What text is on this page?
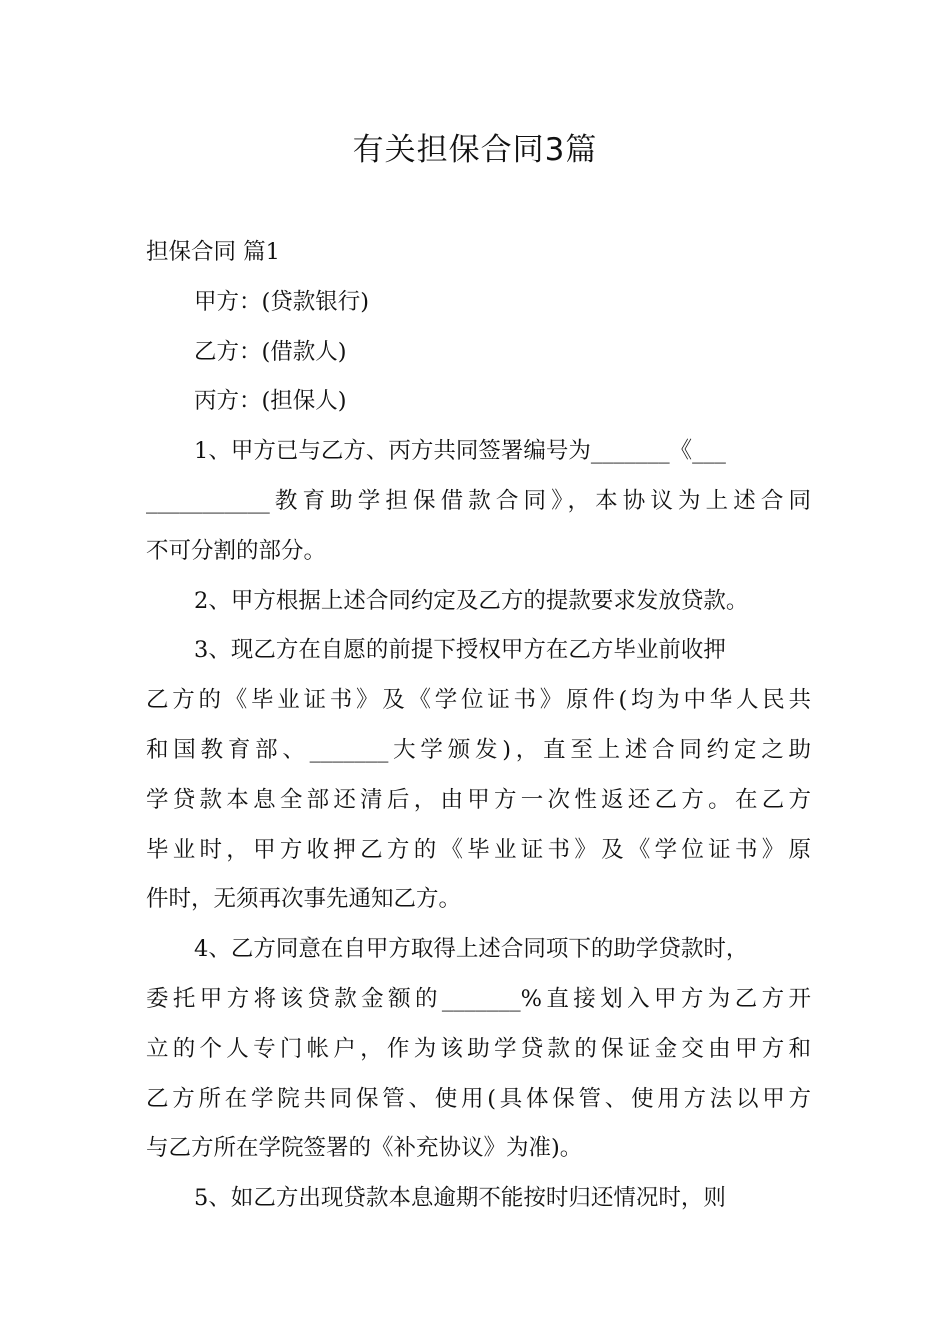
有关担保合同3篇
担保合同 篇1
甲方：(贷款银行)
乙方：(借款人)
丙方：(担保人)
1、甲方已与乙方、丙方共同签署编号为_______《___
___________教育助学担保借款合同》，本协议为上述合同
不可分割的部分。
2、甲方根据上述合同约定及乙方的提款要求发放贷款。
3、现乙方在自愿的前提下授权甲方在乙方毕业前收押
乙方的《毕业证书》及《学位证书》原件(均为中华人民共
和国教育部、_______大学颁发)，直至上述合同约定之助
学贷款本息全部还清后，由甲方一次性返还乙方。在乙方
毕业时，甲方收押乙方的《毕业证书》及《学位证书》原
件时，无须再次事先通知乙方。
4、乙方同意在自甲方取得上述合同项下的助学贷款时，
委托甲方将该贷款金额的_______%直接划入甲方为乙方开
立的个人专门帐户，作为该助学贷款的保证金交由甲方和
乙方所在学院共同保管、使用(具体保管、使用方法以甲方
与乙方所在学院签署的《补充协议》为准)。
5、如乙方出现贷款本息逾期不能按时归还情况时，则
